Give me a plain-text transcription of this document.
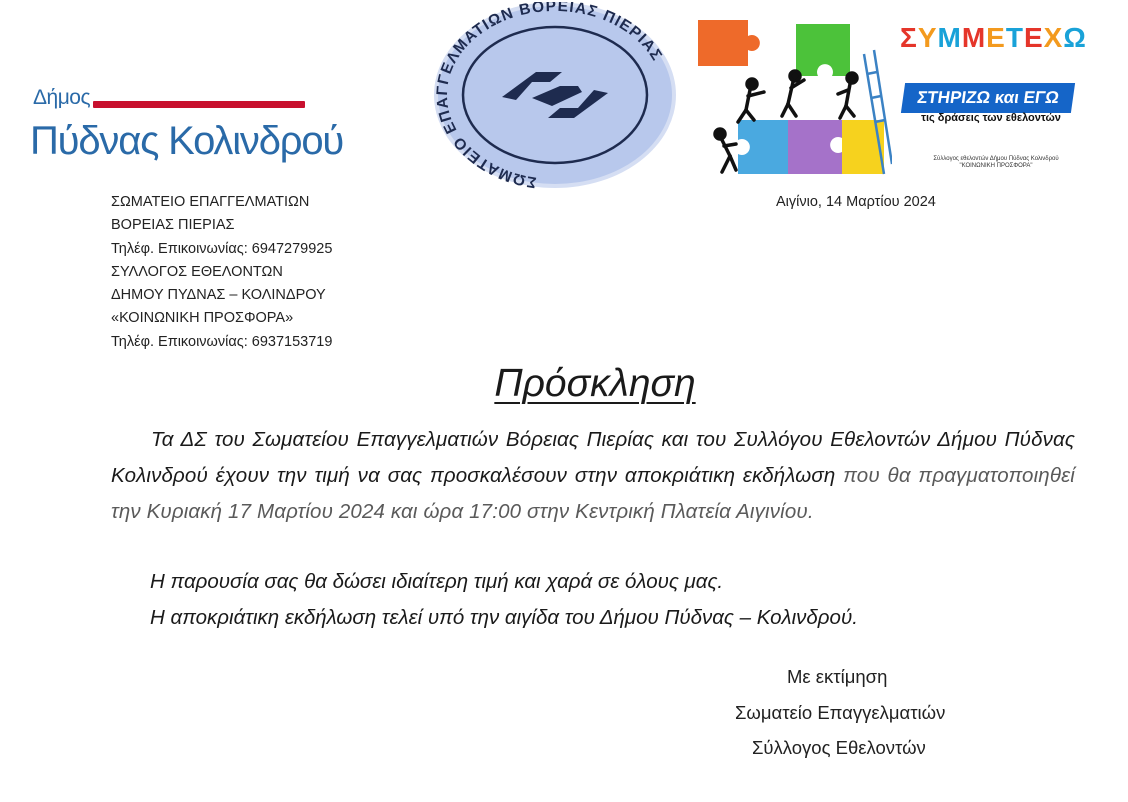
Δήμος
Πύδνας Κολινδρού
ΣΩΜΑΤΕΙΟ ΕΠΑΓΓΕΛΜΑΤΙΩΝ ΒΟΡΕΙΑΣ ΠΙΕΡΙΑΣ
ΣΥΜΜΕΤΕΧΩ
ΣΤΗΡΙΖΩ και ΕΓΩ
τις δράσεις των εθελοντών
Σύλλογος εθελοντών Δήμου Πύδνας Κολινδρού
"ΚΟΙΝΩΝΙΚΗ ΠΡΟΣΦΟΡΑ"
ΣΩΜΑΤΕΙΟ ΕΠΑΓΓΕΛΜΑΤΙΩΝ
ΒΟΡΕΙΑΣ ΠΙΕΡΙΑΣ
Τηλέφ. Επικοινωνίας: 6947279925
ΣΥΛΛΟΓΟΣ ΕΘΕΛΟΝΤΩΝ
ΔΗΜΟΥ ΠΥΔΝΑΣ – ΚΟΛΙΝΔΡΟΥ
«ΚΟΙΝΩΝΙΚΗ ΠΡΟΣΦΟΡΑ»
Τηλέφ. Επικοινωνίας: 6937153719
Αιγίνιο, 14 Μαρτίου 2024
Πρόσκληση
Τα ΔΣ του Σωματείου Επαγγελματιών Βόρειας Πιερίας και του Συλλόγου Εθελοντών Δήμου Πύδνας Κολινδρού έχουν την τιμή να σας προσκαλέσουν στην αποκριάτικη εκδήλωση που θα πραγματοποιηθεί την Κυριακή 17 Μαρτίου 2024 και ώρα 17:00 στην Κεντρική Πλατεία Αιγινίου.
Η παρουσία σας θα δώσει ιδιαίτερη τιμή και χαρά σε όλους μας.
Η αποκριάτικη εκδήλωση τελεί υπό την αιγίδα του Δήμου Πύδνας – Κολινδρού.
Με εκτίμηση
Σωματείο Επαγγελματιών
Σύλλογος Εθελοντών
